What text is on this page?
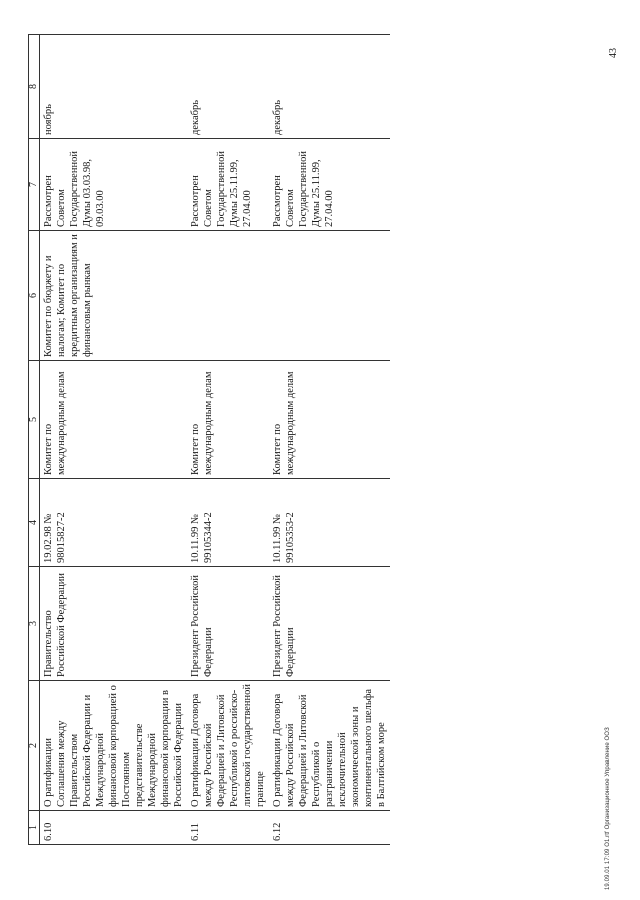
1	2	3	4	5	6	7	8
6.10	О ратификации Соглашения между Правительством Российской Федерации и Международной финансовой корпорацией о Постоянном представительстве Международной финансовой корпорации в Российской Федерации	Правительство Российской Федерации	19.02.98 № 98015827-2	Комитет по международным делам	Комитет по бюджету и налогам; Комитет по кредитным организациям и финансовым рынкам	Рассмотрен Советом Государственной Думы 03.03.98, 09.03.00	ноябрь
6.11	О ратификации Договора между Российской Федерацией и Литовской Республикой о российско-литовской государственной границе	Президент Российской Федерации	10.11.99 № 99105344-2	Комитет по международным делам		Рассмотрен Советом Государственной Думы 25.11.99, 27.04.00	декабрь
6.12	О ратификации Договора между Российской Федерацией и Литовской Республикой о разграничении исключительной экономической зоны и континентального шельфа в Балтийском море	Президент Российской Федерации	10.11.99 № 99105353-2	Комитет по международным делам		Рассмотрен Советом Государственной Думы 25.11.99, 27.04.00	декабрь
43
19.09.01 17:09 O1.rtf Организационное Управление ООЗ
